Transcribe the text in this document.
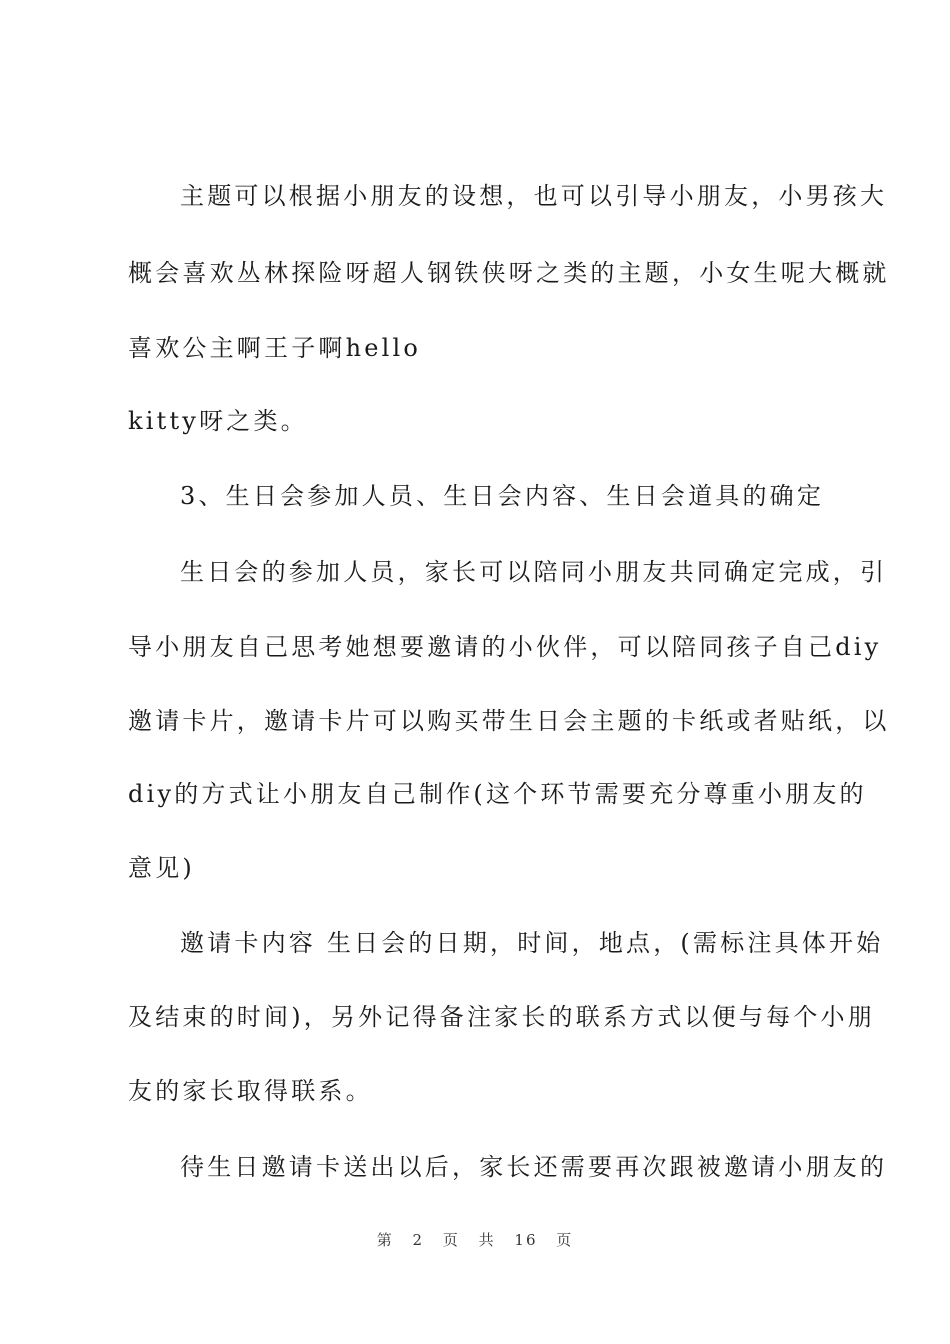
主题可以根据小朋友的设想，也可以引导小朋友，小男孩大
概会喜欢丛林探险呀超人钢铁侠呀之类的主题，小女生呢大概就
喜欢公主啊王子啊hello
kitty呀之类。
3、生日会参加人员、生日会内容、生日会道具的确定
生日会的参加人员，家长可以陪同小朋友共同确定完成，引
导小朋友自己思考她想要邀请的小伙伴，可以陪同孩子自己diy
邀请卡片，邀请卡片可以购买带生日会主题的卡纸或者贴纸，以
diy的方式让小朋友自己制作(这个环节需要充分尊重小朋友的
意见)
邀请卡内容 生日会的日期，时间，地点，(需标注具体开始
及结束的时间)，另外记得备注家长的联系方式以便与每个小朋
友的家长取得联系。
待生日邀请卡送出以后，家长还需要再次跟被邀请小朋友的
第 2 页 共 16 页
